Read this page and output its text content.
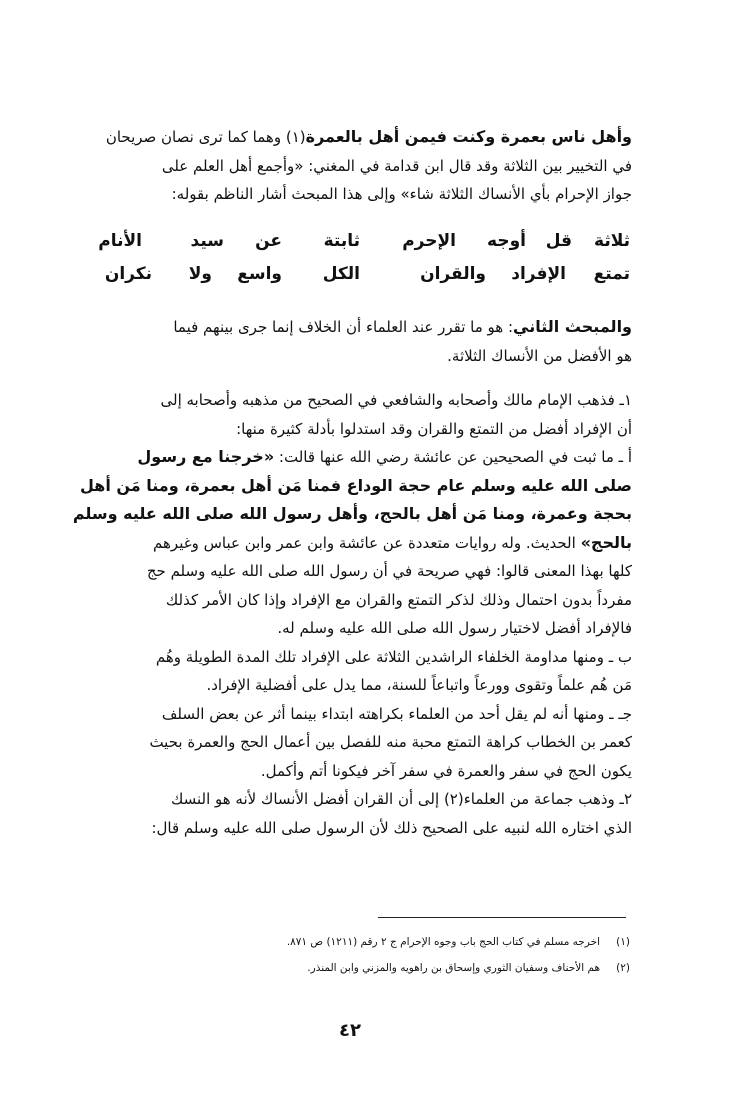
وأهل ناس بعمرة وكنت فيمن أهل بالعمرة(١) وهما كما ترى نصان صريحان
في التخيير بين الثلاثة وقد قال ابن قدامة في المغني: «وأجمع أهل العلم على
جواز الإحرام بأي الأنساك الثلاثة شاء» وإلى هذا المبحث أشار الناظم بقوله:
ثلاثة
قل
أوجه
الإحرم
ثابتة
عن
سيد
الأنام
تمتع
الإفراد
والقران
الكل
واسع
ولا
نكران
والمبحث الثاني: هو ما تقرر عند العلماء أن الخلاف إنما جرى بينهم فيما
هو الأفضل من الأنساك الثلاثة.
١ـ فذهب الإمام مالك وأصحابه والشافعي في الصحيح من مذهبه وأصحابه إلى
أن الإفراد أفضل من التمتع والقران وقد استدلوا بأدلة كثيرة منها:
أ ـ ما ثبت في الصحيحين عن عائشة رضي الله عنها قالت: «خرجنا مع رسول
صلى الله عليه وسلم عام حجة الوداع فمنا مَن أهل بعمرة، ومنا مَن أهل
بحجة وعمرة، ومنا مَن أهل بالحج، وأهل رسول الله صلى الله عليه وسلم
بالحج» الحديث. وله روايات متعددة عن عائشة وابن عمر وابن عباس وغيرهم
كلها بهذا المعنى قالوا: فهي صريحة في أن رسول الله صلى الله عليه وسلم حج
مفرداً بدون احتمال وذلك لذكر التمتع والقران مع الإفراد وإذا كان الأمر كذلك
فالإفراد أفضل لاختيار رسول الله صلى الله عليه وسلم له.
ب ـ ومنها مداومة الخلفاء الراشدين الثلاثة على الإفراد تلك المدة الطويلة وهُم
مَن هُم علماً وتقوى وورعاً واتباعاً للسنة، مما يدل على أفضلية الإفراد.
جـ ـ ومنها أنه لم يقل أحد من العلماء بكراهته ابتداء بينما أثر عن بعض السلف
كعمر بن الخطاب كراهة التمتع محبة منه للفصل بين أعمال الحج والعمرة بحيث
يكون الحج في سفر والعمرة في سفر آخر فيكونا أتم وأكمل.
٢ـ وذهب جماعة من العلماء(٢) إلى أن القران أفضل الأنساك لأنه هو النسك
الذي اختاره الله لنبيه على الصحيح ذلك لأن الرسول صلى الله عليه وسلم قال:
(١)
اخرجه مسلم في كتاب الحج باب وجوه الإحرام ج ٢ رقم (١٢١١) ص ٨٧١.
(٢)
هم الأحناف وسفيان الثوري وإسحاق بن راهويه والمزني وابن المنذر.
٤٢
